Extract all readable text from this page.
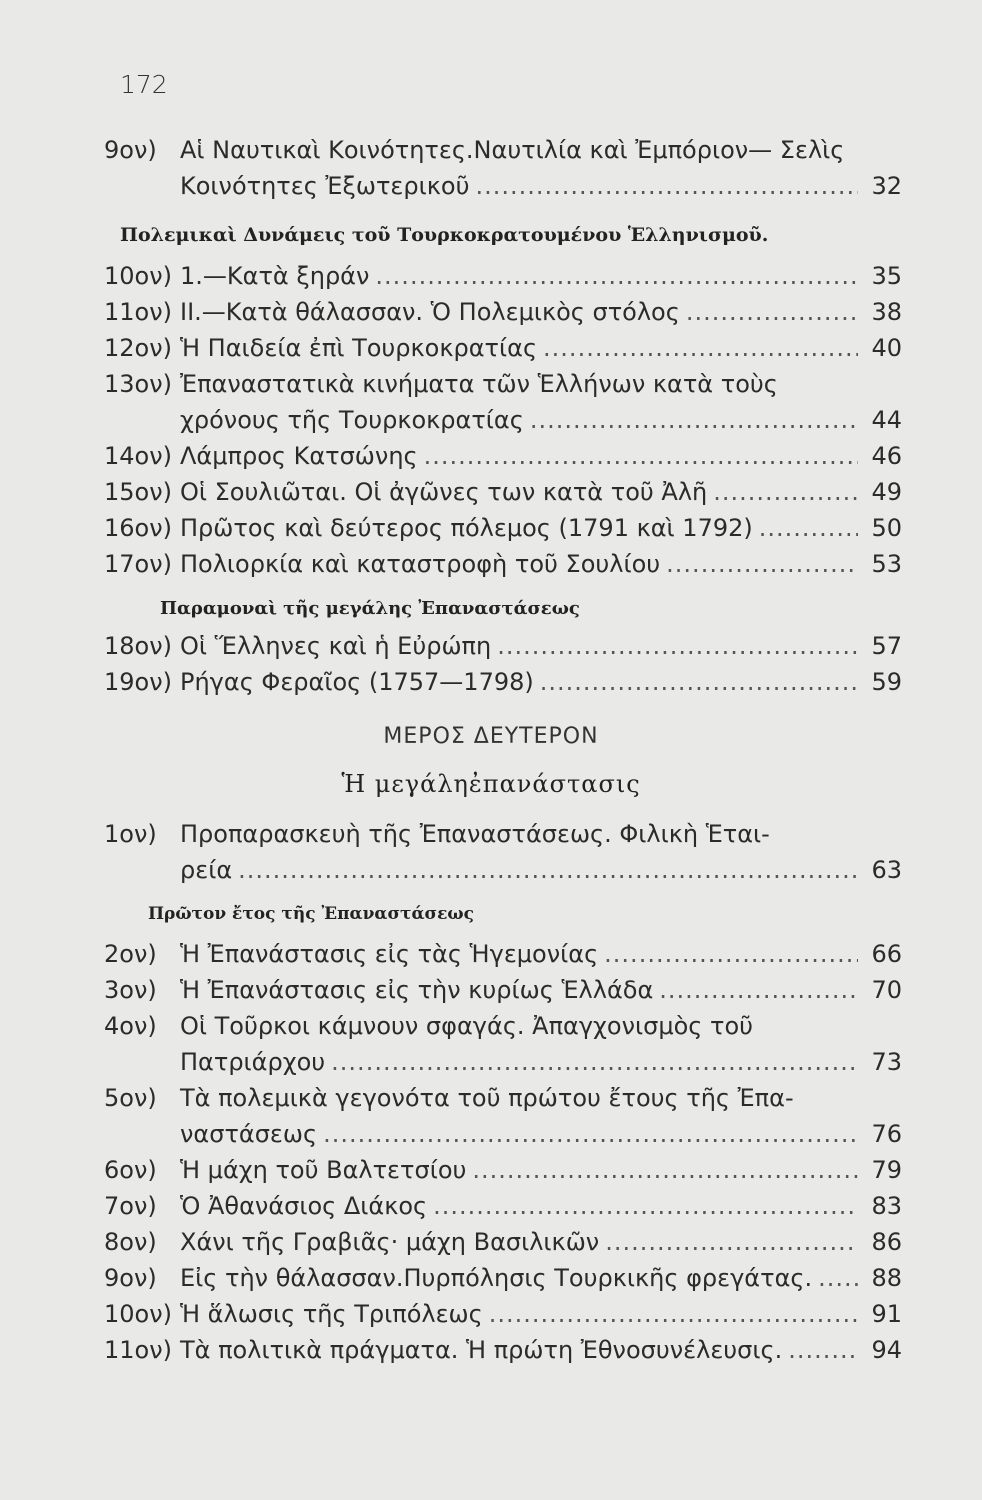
172
9ον) Αἱ Ναυτικαὶ Κοινότητες.Ναυτιλία καὶ Ἐμπόριον— Σελὶς
Κοινότητες Ἐξωτερικοῦ .....	32
Πολεμικαὶ Δυνάμεις τοῦ Τουρκοκρατουμένου Ἑλληνισμοῦ.
10ον) 1.—Κατὰ ξηράν .....	35
11ον) II.—Κατὰ θάλασσαν. Ὁ Πολεμικὸς στόλος .....	38
12ον) Ἡ Παιδεία ἐπὶ Τουρκοκρατίας .....	40
13ον) Ἐπαναστατικὰ κινήματα τῶν Ἑλλήνων κατὰ τοὺς
χρόνους τῆς Τουρκοκρατίας .....	44
14ον) Λάμπρος Κατσώνης .....	46
15ον) Οἱ Σουλιῶται. Οἱ ἀγῶνες των κατὰ τοῦ Ἀλῆ .....	49
16ον) Πρῶτος καὶ δεύτερος πόλεμος (1791 καὶ 1792) .....	50
17ον) Πολιορκία καὶ καταστροφὴ τοῦ Σουλίου .....	53
Παραμοναὶ τῆς μεγάλης Ἐπαναστάσεως
18ον) Οἱ Ἕλληνες καὶ ἡ Εὐρώπη .....	57
19ον) Ρήγας Φεραῖος (1757—1798) .....	59
ΜΕΡΟΣ ΔΕΥΤΕΡΟΝ
Ἡ μεγάληἐπανάστασις
1ον) Προπαρασκευὴ τῆς Ἐπαναστάσεως. Φιλικὴ Ἑται-
ρεία .....	63
Πρῶτον ἔτος τῆς Ἐπαναστάσεως
2ον) Ἡ Ἐπανάστασις εἰς τὰς Ἡγεμονίας .....	66
3ον) Ἡ Ἐπανάστασις εἰς τὴν κυρίως Ἑλλάδα .....	70
4ον) Οἱ Τοῦρκοι κάμνουν σφαγάς. Ἀπαγχονισμὸς τοῦ
Πατριάρχου .....	73
5ον) Τὰ πολεμικὰ γεγονότα τοῦ πρώτου ἔτους τῆς Ἐπα-
ναστάσεως .....	76
6ον) Ἡ μάχη τοῦ Βαλτετσίου .....	79
7ον) Ὁ Ἀθανάσιος Διάκος .....	83
8ον) Χάνι τῆς Γραβιᾶς· μάχη Βασιλικῶν .....	86
9ον) Εἰς τὴν θάλασσαν.Πυρπόλησις Τουρκικῆς φρεγάτας. .....	88
10ον) Ἡ ἅλωσις τῆς Τριπόλεως .....	91
11ον) Τὰ πολιτικὰ πράγματα. Ἡ πρώτη Ἐθνοσυνέλευσις. .....	94
